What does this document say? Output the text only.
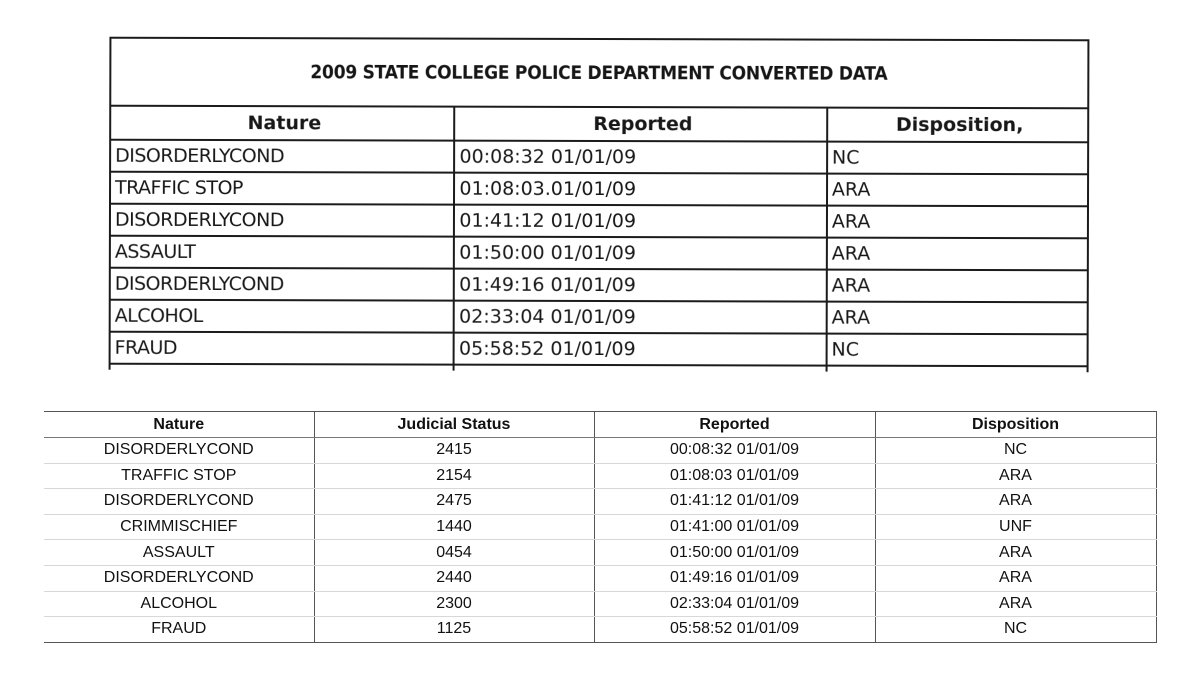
2009 STATE COLLEGE POLICE DEPARTMENT CONVERTED DATA
Nature	Reported	Disposition,
DISORDERLYCOND	00:08:32 01/01/09	NC
TRAFFIC STOP	01:08:03.01/01/09	ARA
DISORDERLYCOND	01:41:12 01/01/09	ARA
ASSAULT	01:50:00 01/01/09	ARA
DISORDERLYCOND	01:49:16 01/01/09	ARA
ALCOHOL	02:33:04 01/01/09	ARA
FRAUD	05:58:52 01/01/09	NC

Nature	Judicial Status	Reported	Disposition
DISORDERLYCOND	2415	00:08:32 01/01/09	NC
TRAFFIC STOP	2154	01:08:03 01/01/09	ARA
DISORDERLYCOND	2475	01:41:12 01/01/09	ARA
CRIMMISCHIEF	1440	01:41:00 01/01/09	UNF
ASSAULT	0454	01:50:00 01/01/09	ARA
DISORDERLYCOND	2440	01:49:16 01/01/09	ARA
ALCOHOL	2300	02:33:04 01/01/09	ARA
FRAUD	1125	05:58:52 01/01/09	NC
